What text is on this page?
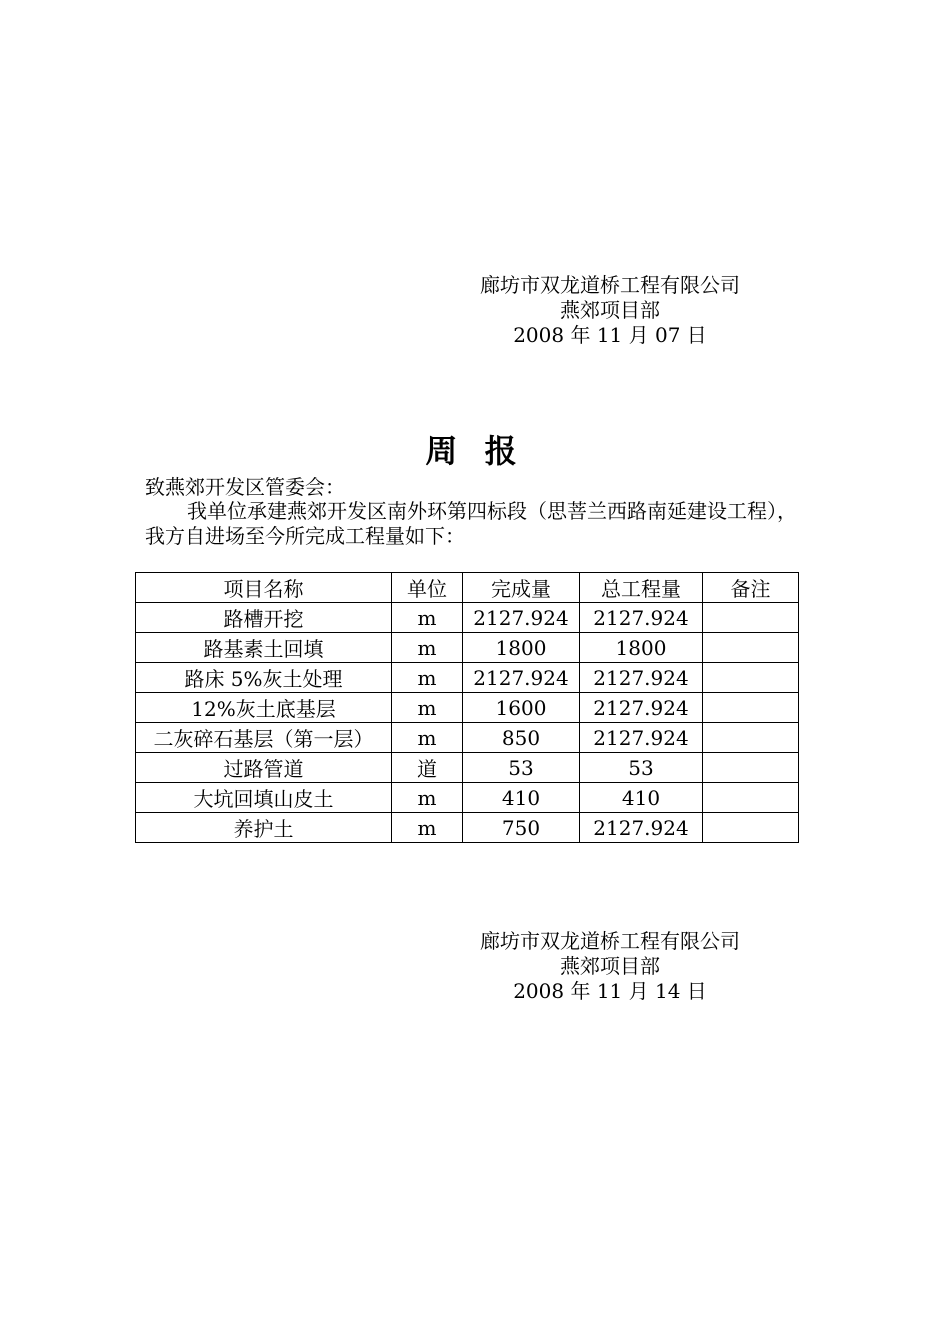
廊坊市双龙道桥工程有限公司
燕郊项目部
2008 年 11 月 07 日
周 报
致燕郊开发区管委会：
我单位承建燕郊开发区南外环第四标段（思菩兰西路南延建设工程），我方自进场至今所完成工程量如下：
项目名称	单位	完成量	总工程量	备注
路槽开挖	m	2127.924	2127.924	
路基素土回填	m	1800	1800	
路床 5%灰土处理	m	2127.924	2127.924	
12%灰土底基层	m	1600	2127.924	
二灰碎石基层（第一层）	m	850	2127.924	
过路管道	道	53	53	
大坑回填山皮土	m	410	410	
养护土	m	750	2127.924	
廊坊市双龙道桥工程有限公司
燕郊项目部
2008 年 11 月 14 日
